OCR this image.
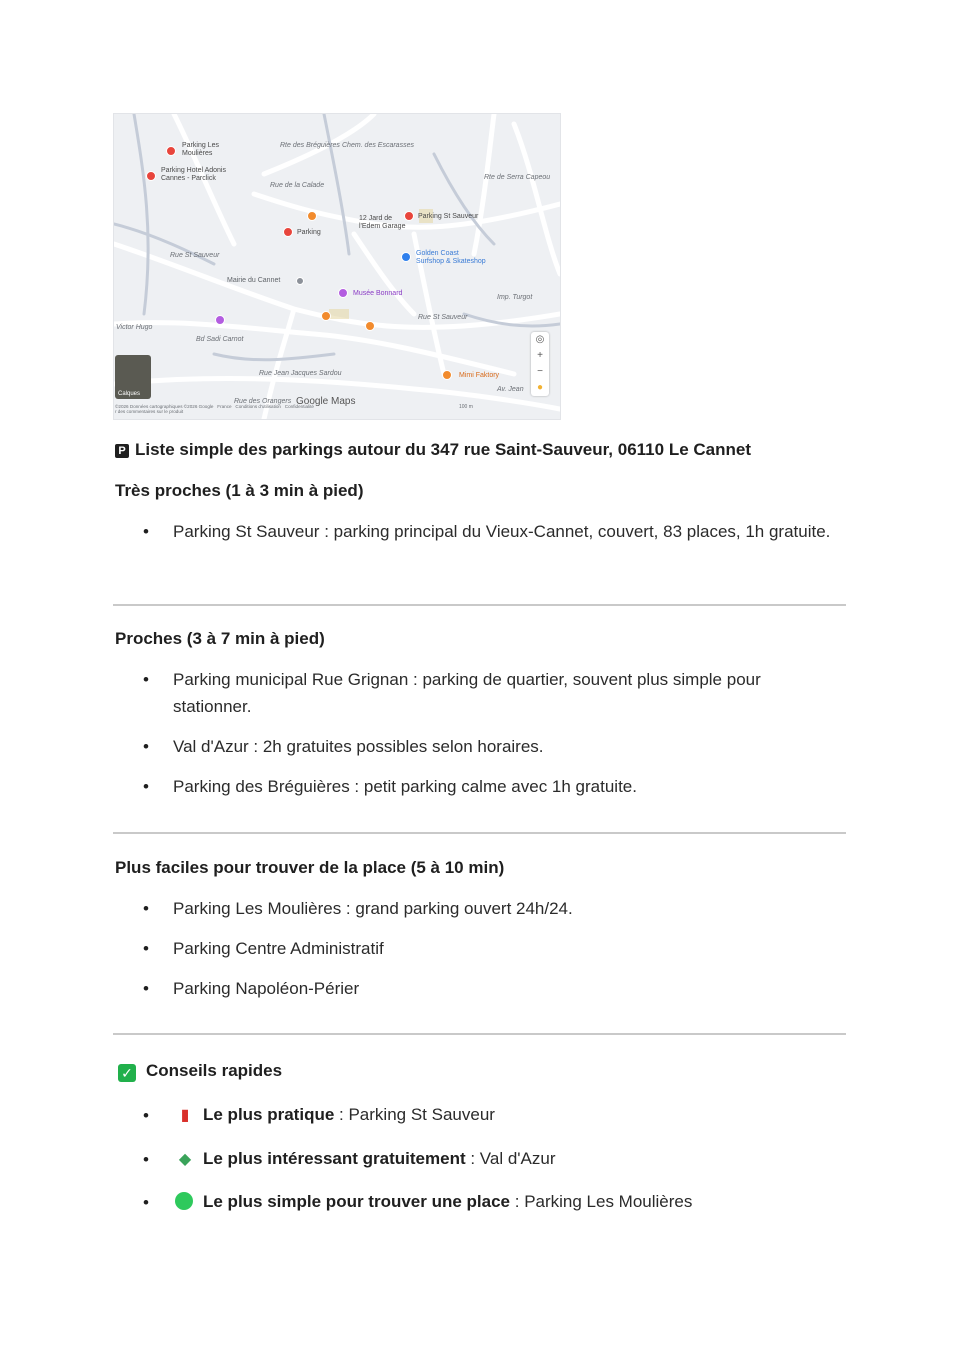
Parking Les
Moulières
Parking Hotel Adonis
Cannes - Parclick
Rte des Bréguières Chem. des Escarasses
Rue de la Calade
12 Jard de
l'Edem Garage
Parking St Sauveur
Parking
Golden Coast
Surfshop & Skateshop
Rue St Sauveur
Mairie du Cannet
Musée Bonnard
Bd Sadi Carnot
Rue St Sauveur
Rue Jean Jacques Sardou	Mimi Faktory
Rte de Serra Capeou
Victor Hugo
Imp. Turgot
Av. Jean
Rue des Orangers
◎
+
−
●
Calques
Google Maps
©2026 Données cartographiques ©2026 Google   France   Conditions d'utilisation   Confidentialité
r des commentaires sur le produit
100 m
P Liste simple des parkings autour du 347 rue Saint-Sauveur, 06110 Le Cannet
Très proches (1 à 3 min à pied)
• Parking St Sauveur : parking principal du Vieux-Cannet, couvert, 83 places, 1h gratuite.
Proches (3 à 7 min à pied)
• Parking municipal Rue Grignan : parking de quartier, souvent plus simple pour stationner.
• Val d'Azur : 2h gratuites possibles selon horaires.
• Parking des Bréguières : petit parking calme avec 1h gratuite.
Plus faciles pour trouver de la place (5 à 10 min)
• Parking Les Moulières : grand parking ouvert 24h/24.
• Parking Centre Administratif
• Parking Napoléon-Périer
✓ Conseils rapides
•	▮ Le plus pratique : Parking St Sauveur
• ◆ Le plus intéressant gratuitement : Val d'Azur
•	Le plus simple pour trouver une place : Parking Les Moulières
